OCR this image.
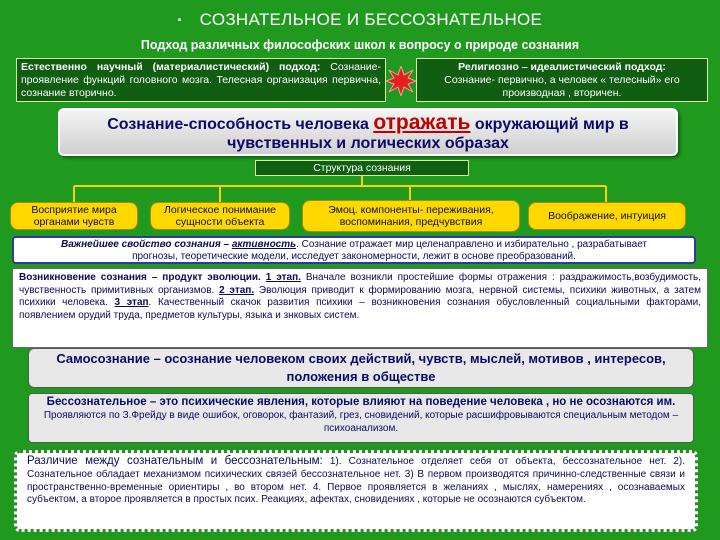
▪ СОЗНАТЕЛЬНОЕ И БЕССОЗНАТЕЛЬНОЕ
Подход различных философских школ к вопросу о природе сознания
Естественно научный (материалистический) подход: Сознание-проявление функций головного мозга. Телесная организация первична, сознание вторично.
Религиозно – идеалистический подход:
Сознание- первично, а человек « телесный» его производная , вторичен.
Сознание-способность человека отражать окружающий мир в чувственных и логических образах
Структура сознания
Восприятие мира органами чувств
Логическое понимание сущности объекта
Эмоц. компоненты- переживания, воспоминания, предчувствия	Воображение, интуиция
Важнейшее свойство сознания – активность. Сознание отражает мир целенаправлено и избирательно , разрабатывает прогнозы, теоретические модели, исследует закономерности, лежит в основе преобразований.
Возникновение сознания – продукт эволюции. 1 этап. Вначале возникли простейшие формы отражения : раздражимость,возбудимость, чувственность примитивных организмов. 2 этап. Эволюция приводит к формированию мозга, нервной системы, психики животных, а затем психики человека. 3 этап. Качественный скачок развития психики – возникновения сознания обусловленный социальными факторами, появлением орудий труда, предметов культуры, языка и знковых систем.
Самосознание – осознание человеком своих действий, чувств, мыслей, мотивов , интересов, положения в обществе
Бессознательное – это психические явления, которые влияют на поведение человека , но не осознаются им. Проявляются по З.Фрейду в виде ошибок, оговорок, фантазий, грез, сновидений, которые расшифровываются специальным методом – психоанализом.
Различие между сознательным и бессознательным: 1). Сознательное отделяет себя от объекта, бессознательное нет. 2). Сознательное обладает механизмом психических связей бессознательное нет. 3) В первом производятся причинно-следственные связи и пространственно-временные ориентиры , во втором нет. 4. Первое проявляется в желаниях , мыслях, намерениях , осознаваемых субъектом, а второе проявляется в простых псих. Реакциях, афектах, сновидениях , которые не осознаются субъектом.
